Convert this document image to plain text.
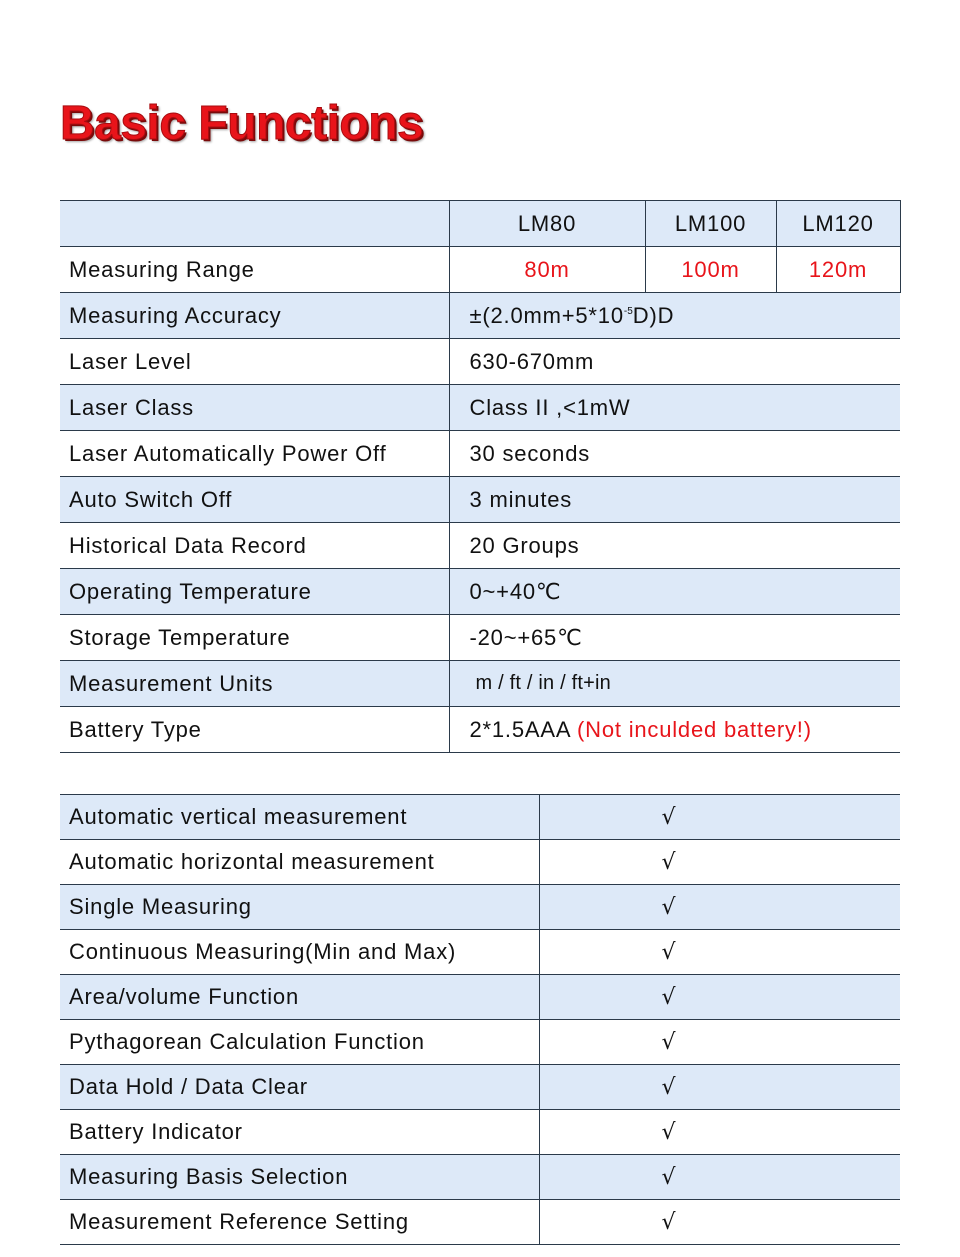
Basic Functions
	LM80	LM100	LM120	
Measuring Range	80m	100m	120m	
Measuring Accuracy	$\pm(2.0mm+5*10^{-5}D)D$			
Laser Level	630-670mm			
Laser Class	Class II ,<1mW			
Laser Automatically Power Off	30 seconds			
Auto Switch Off	3 minutes			
Historical Data Record	20 Groups			
Operating Temperature	0~+40℃			
Storage Temperature	-20~+65℃			
Measurement Units	m / ft / in / ft+in			
Battery Type	2*1.5AAA (Not inculded battery!)			
Automatic vertical measurement	√
Automatic horizontal measurement	√
Single Measuring	√
Continuous Measuring(Min and Max)	√
Area/volume Function	√
Pythagorean Calculation Function	√
Data Hold / Data Clear	√
Battery Indicator	√
Measuring Basis Selection	√
Measurement Reference Setting	√
